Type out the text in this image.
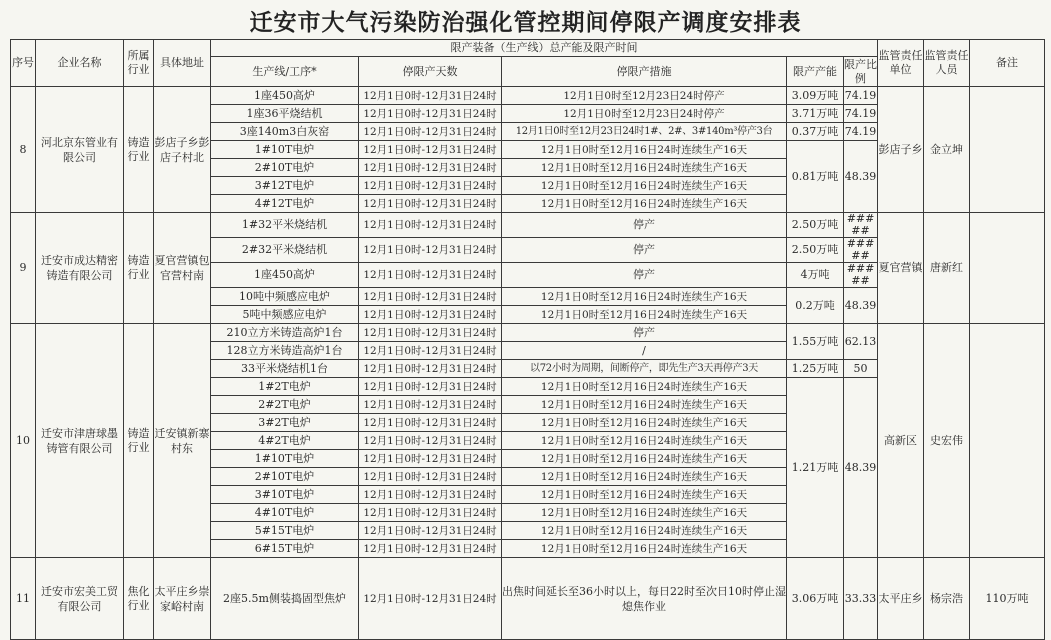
迁安市大气污染防治强化管控期间停限产调度安排表
序号	企业名称	所属行业	具体地址	限产装备（生产线）总产能及限产时间					监管责任单位	监管责任人员	备注
				生产线/工序*	停限产天数	停限产措施	限产产能	限产比例			
8	河北京东管业有限公司	铸造行业	彭店子乡彭店子村北	1座450高炉	12月1日0时-12月31日24时	12月1日0时至12月23日24时停产	3.09万吨	74.19	彭店子乡	金立坤	
				1座36平烧结机	12月1日0时-12月31日24时	12月1日0时至12月23日24时停产	3.71万吨	74.19			
				3座140m3白灰窑	12月1日0时-12月31日24时	12月1日0时至12月23日24时1#、2#、3#140m³停产3台	0.37万吨	74.19			
				1#10T电炉	12月1日0时-12月31日24时	12月1日0时至12月16日24时连续生产16天	0.81万吨	48.39			
				2#10T电炉	12月1日0时-12月31日24时	12月1日0时至12月16日24时连续生产16天					
				3#12T电炉	12月1日0时-12月31日24时	12月1日0时至12月16日24时连续生产16天					
				4#12T电炉	12月1日0时-12月31日24时	12月1日0时至12月16日24时连续生产16天					
9	迁安市成达精密铸造有限公司	铸造行业	夏官营镇包官营村南	1#32平米烧结机	12月1日0时-12月31日24时	停产	2.50万吨	#####	夏官营镇	唐新红	
				2#32平米烧结机	12月1日0时-12月31日24时	停产	2.50万吨	#####			
				1座450高炉	12月1日0时-12月31日24时	停产	4万吨	#####			
				10吨中频感应电炉	12月1日0时-12月31日24时	12月1日0时至12月16日24时连续生产16天	0.2万吨	48.39			
				5吨中频感应电炉	12月1日0时-12月31日24时	12月1日0时至12月16日24时连续生产16天					
10	迁安市津唐球墨铸管有限公司	铸造行业	迁安镇新寨村东	210立方米铸造高炉1台	12月1日0时-12月31日24时	停产	1.55万吨	62.13	高新区	史宏伟	
				128立方米铸造高炉1台	12月1日0时-12月31日24时	/					
				33平米烧结机1台	12月1日0时-12月31日24时	以72小时为周期，间断停产，即先生产3天再停产3天	1.25万吨	50			
				1#2T电炉	12月1日0时-12月31日24时	12月1日0时至12月16日24时连续生产16天	1.21万吨	48.39			
				2#2T电炉	12月1日0时-12月31日24时	12月1日0时至12月16日24时连续生产16天					
				3#2T电炉	12月1日0时-12月31日24时	12月1日0时至12月16日24时连续生产16天					
				4#2T电炉	12月1日0时-12月31日24时	12月1日0时至12月16日24时连续生产16天					
				1#10T电炉	12月1日0时-12月31日24时	12月1日0时至12月16日24时连续生产16天					
				2#10T电炉	12月1日0时-12月31日24时	12月1日0时至12月16日24时连续生产16天					
				3#10T电炉	12月1日0时-12月31日24时	12月1日0时至12月16日24时连续生产16天					
				4#10T电炉	12月1日0时-12月31日24时	12月1日0时至12月16日24时连续生产16天					
				5#15T电炉	12月1日0时-12月31日24时	12月1日0时至12月16日24时连续生产16天					
				6#15T电炉	12月1日0时-12月31日24时	12月1日0时至12月16日24时连续生产16天					
11	迁安市宏美工贸有限公司	焦化行业	太平庄乡崇家峪村南	2座5.5m侧装捣固型焦炉	12月1日0时-12月31日24时	出焦时间延长至36小时以上，每日22时至次日10时停止湿熄焦作业	3.06万吨	33.33	太平庄乡	杨宗浩	110万吨
